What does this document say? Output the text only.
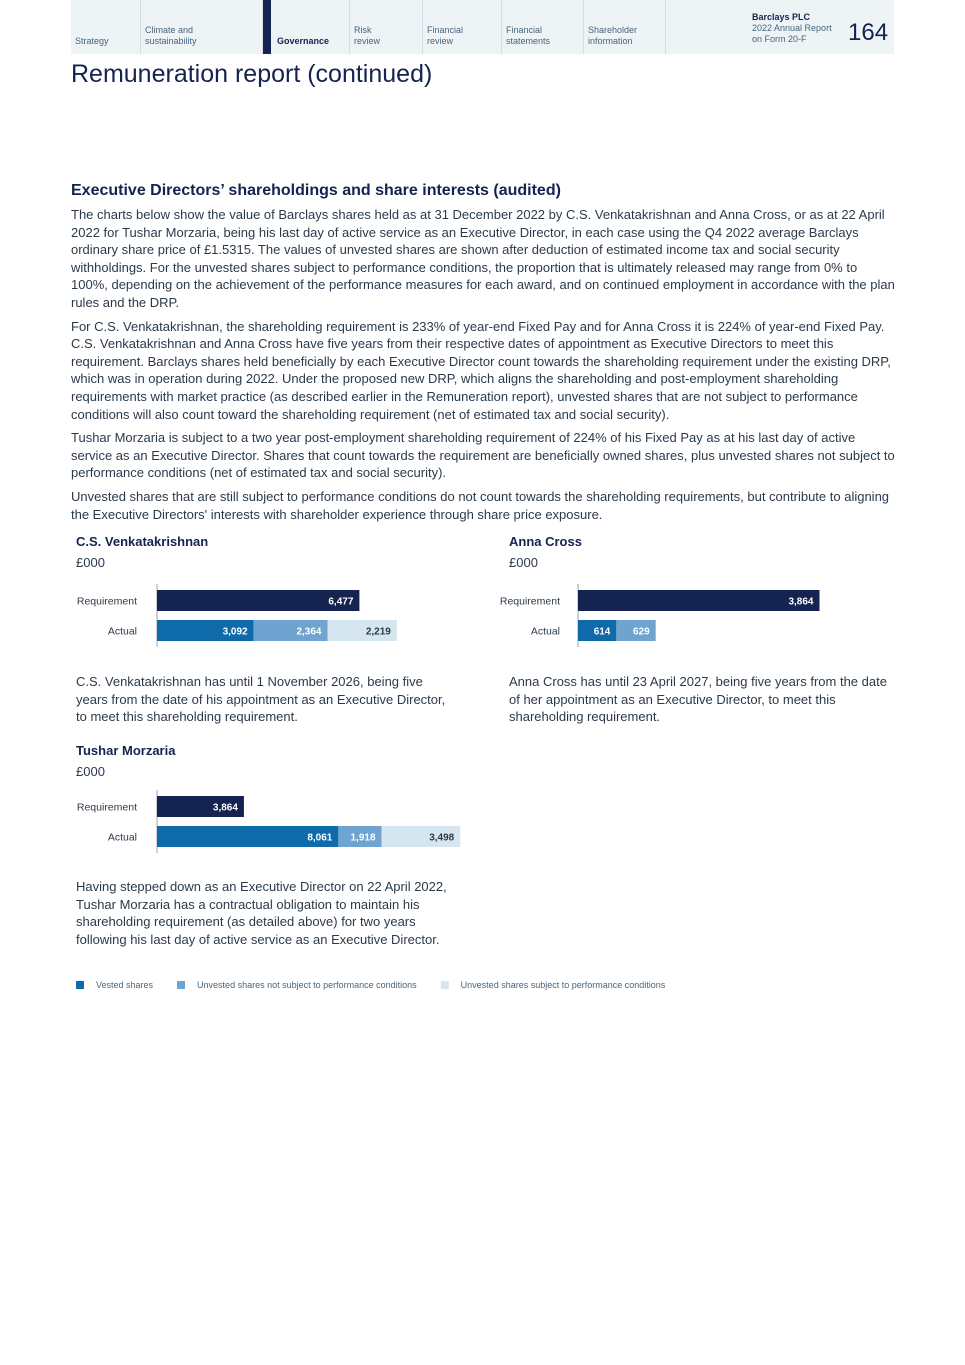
Strategy
Climate and
sustainability	Governance
Risk
review
Financial
review
Financial
statements
Shareholder
information
Barclays PLC
2022 Annual Report
on Form 20-F	164
Remuneration report (continued)
Executive Directors’ shareholdings and share interests (audited)

The charts below show the value of Barclays shares held as at 31 December 2022 by C.S. Venkatakrishnan and Anna Cross, or as at 22 April 2022 for Tushar Morzaria, being his last day of active service as an Executive Director, in each case using the Q4 2022 average Barclays ordinary share price of £1.5315. The values of unvested shares are shown after deduction of estimated income tax and social security withholdings. For the unvested shares subject to performance conditions, the proportion that is ultimately released may range from 0% to 100%, depending on the achievement of the performance measures for each award, and on continued employment in accordance with the plan rules and the DRP.

For C.S. Venkatakrishnan, the shareholding requirement is 233% of year-end Fixed Pay and for Anna Cross it is 224% of year-end Fixed Pay. C.S. Venkatakrishnan and Anna Cross have five years from their respective dates of appointment as Executive Directors to meet this requirement. Barclays shares held beneficially by each Executive Director count towards the shareholding requirement under the existing DRP, which was in operation during 2022. Under the proposed new DRP, which aligns the shareholding and post-employment shareholding requirements with market practice (as described earlier in the Remuneration report), unvested shares that are not subject to performance conditions will also count toward the shareholding requirement (net of estimated tax and social security).

Tushar Morzaria is subject to a two year post-employment shareholding requirement of 224% of his Fixed Pay as at his last day of active service as an Executive Director. Shares that count towards the requirement are beneficially owned shares, plus unvested shares not subject to performance conditions (net of estimated tax and social security).

Unvested shares that are still subject to performance conditions do not count towards the shareholding requirements, but contribute to aligning the Executive Directors' interests with shareholder experience through share price exposure.

C.S. Venkatakrishnan
£000
Requirement
Actual
6,477
3,092	2,364	2,219
C.S. Venkatakrishnan has until 1 November 2026, being five years from the date of his appointment as an Executive Director, to meet this shareholding requirement.
Anna Cross
£000
Requirement
Actual
3,864
614 629
Anna Cross has until 23 April 2027, being five years from the date of her appointment as an Executive Director, to meet this shareholding requirement.
Tushar Morzaria
£000
Requirement
Actual
3,864
8,061 1,918	3,498
Having stepped down as an Executive Director on 22 April 2022, Tushar Morzaria has a contractual obligation to maintain his shareholding requirement (as detailed above) for two years following his last day of active service as an Executive Director.
Vested shares	Unvested shares not subject to performance conditions	Unvested shares subject to performance conditions
